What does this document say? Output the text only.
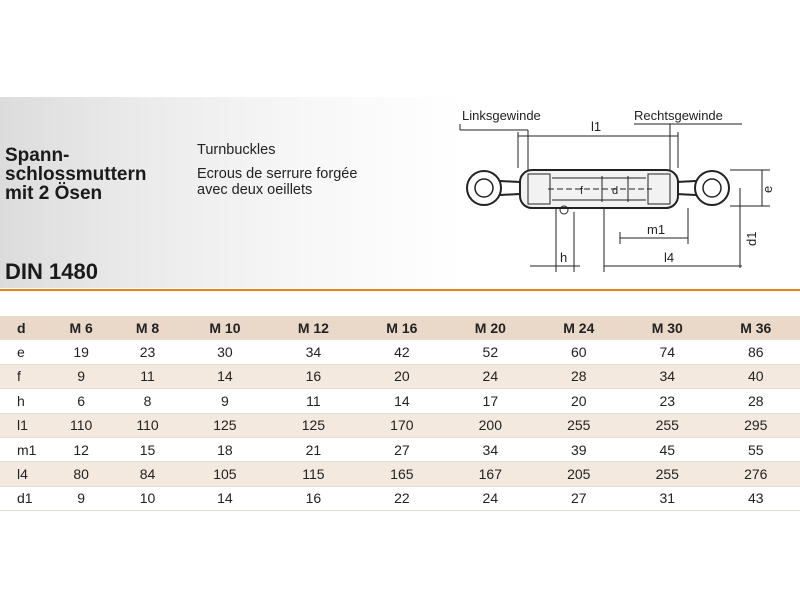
Spann-
schlossmuttern
mit 2 Ösen
Turnbuckles
Ecrous de serrure forgée
avec deux oeillets
DIN 1480
Linksgewinde	Rechtsgewinde
l1
f	d	e
m1
d1
h	l4
d	M 6	M 8	M 10	M 12	M 16	M 20	M 24	M 30	M 36
e	19	23	30	34	42	52	60	74	86
f	9	11	14	16	20	24	28	34	40
h	6	8	9	11	14	17	20	23	28
l1	110	110	125	125	170	200	255	255	295
m1	12	15	18	21	27	34	39	45	55
l4	80	84	105	115	165	167	205	255	276
d1	9	10	14	16	22	24	27	31	43
